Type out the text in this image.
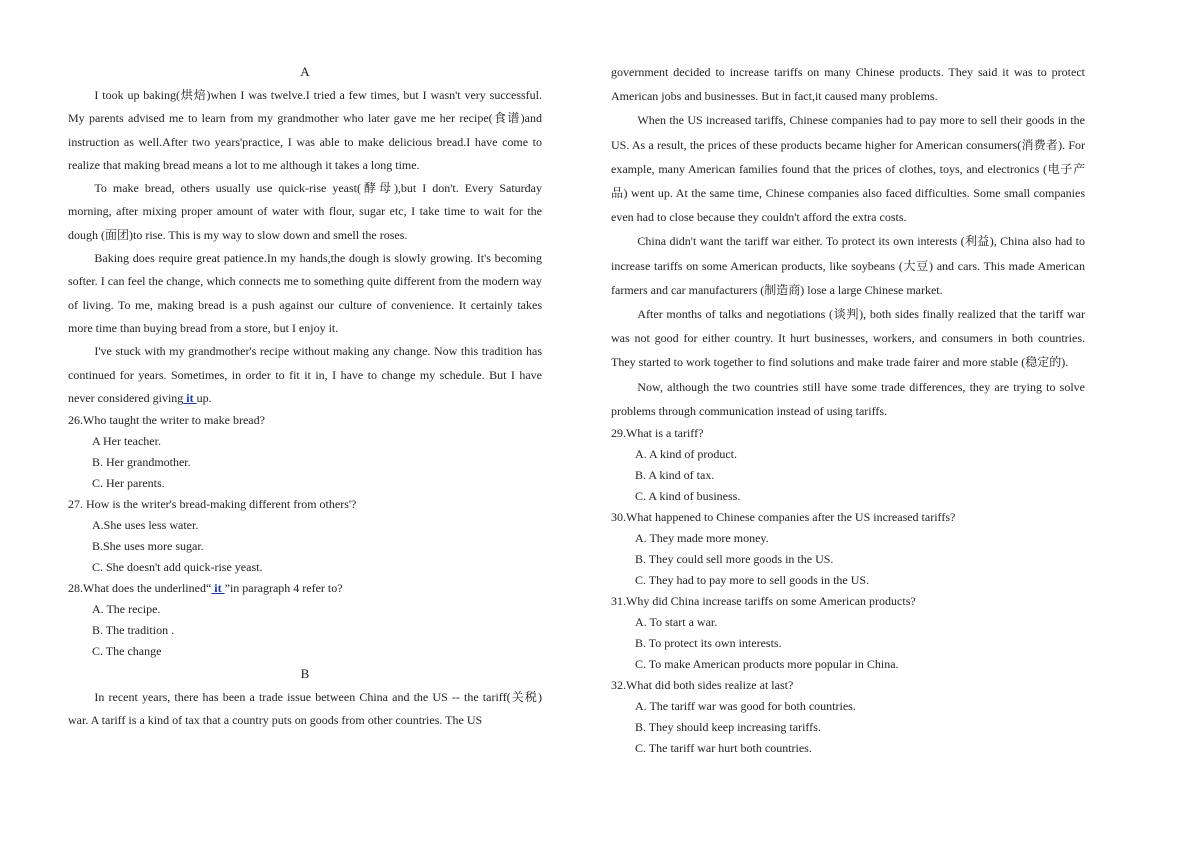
A

I took up baking(烘焙)when I was twelve.I tried a few times, but I wasn't very successful. My parents advised me to learn from my grandmother who later gave me her recipe(食谱)and instruction as well.After two years'practice, I was able to make delicious bread.I have come to realize that making bread means a lot to me although it takes a long time.

To make bread, others usually use quick-rise yeast(酵母),but I don't. Every Saturday morning, after mixing proper amount of water with flour, sugar etc, I take time to wait for the dough (面团)to rise. This is my way to slow down and smell the roses.

Baking does require great patience.In my hands,the dough is slowly growing. It's becoming softer. I can feel the change, which connects me to something quite different from the modern way of living. To me, making bread is a push against our culture of convenience. It certainly takes more time than buying bread from a store, but I enjoy it.

I've stuck with my grandmother's recipe without making any change. Now this tradition has continued for years. Sometimes, in order to fit it in, I have to change my schedule. But I have never considered giving it up.

26.Who taught the writer to make bread?

A Her teacher.

B. Her grandmother.

C. Her parents.

27. How is the writer's bread-making different from others'?

A.She uses less water.

B.She uses more sugar.

C. She doesn't add quick-rise yeast.

28.What does the underlined“ it ”in paragraph 4 refer to?

A. The recipe.

B. The tradition .

C. The change

B

In recent years, there has been a trade issue between China and the US -- the tariff(关税) war. A tariff is a kind of tax that a country puts on goods from other countries. The US

government decided to increase tariffs on many Chinese products. They said it was to protect American jobs and businesses. But in fact,it caused many problems.

When the US increased tariffs, Chinese companies had to pay more to sell their goods in the US. As a result, the prices of these products became higher for American consumers(消费者). For example, many American families found that the prices of clothes, toys, and electronics (电子产品) went up. At the same time, Chinese companies also faced difficulties. Some small companies even had to close because they couldn't afford the extra costs.

China didn't want the tariff war either. To protect its own interests (利益), China also had to increase tariffs on some American products, like soybeans (大豆) and cars. This made American farmers and car manufacturers (制造商) lose a large Chinese market.

After months of talks and negotiations (谈判), both sides finally realized that the tariff war was not good for either country. It hurt businesses, workers, and consumers in both countries. They started to work together to find solutions and make trade fairer and more stable (稳定的).

Now, although the two countries still have some trade differences, they are trying to solve problems through communication instead of using tariffs.

29.What is a tariff?

A. A kind of product.

B. A kind of tax.

C. A kind of business.

30.What happened to Chinese companies after the US increased tariffs?

A. They made more money.

B. They could sell more goods in the US.

C. They had to pay more to sell goods in the US.

31.Why did China increase tariffs on some American products?

A. To start a war.

B. To protect its own interests.

C. To make American products more popular in China.

32.What did both sides realize at last?

A. The tariff war was good for both countries.

B. They should keep increasing tariffs.

C. The tariff war hurt both countries.
